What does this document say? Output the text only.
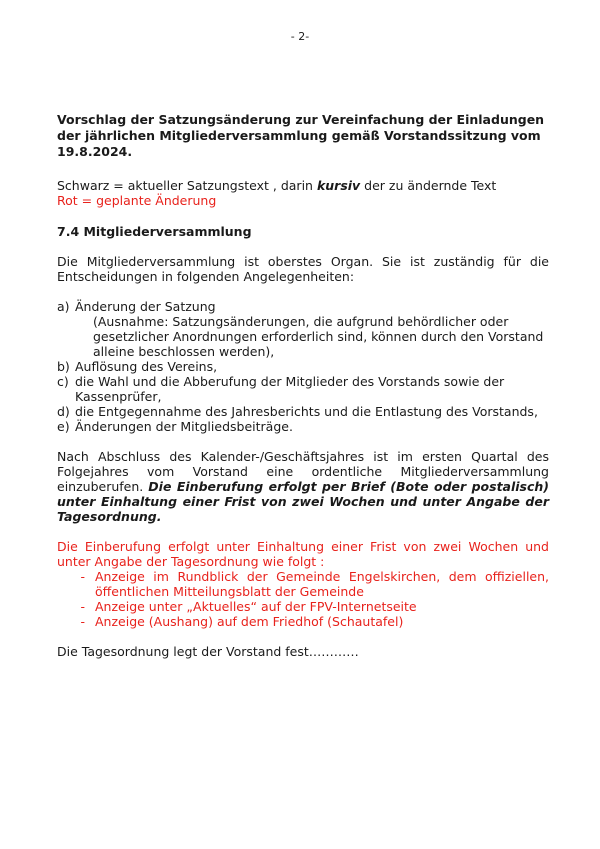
- 2-

Vorschlag der Satzungsänderung zur Vereinfachung der Einladungen der jährlichen Mitgliederversammlung gemäß Vorstandssitzung vom 19.8.2024.

Schwarz = aktueller Satzungstext , darin kursiv der zu ändernde Text
Rot = geplante Änderung
7.4 Mitgliederversammlung
Die Mitgliederversammlung ist oberstes Organ. Sie ist zuständig für die Entscheidungen in folgenden Angelegenheiten:
a) Änderung der Satzung
(Ausnahme: Satzungsänderungen, die aufgrund behördlicher oder gesetzlicher Anordnungen erforderlich sind, können durch den Vorstand alleine beschlossen werden),
b) Auflösung des Vereins,
c) die Wahl und die Abberufung der Mitglieder des Vorstands sowie der Kassenprüfer,
d) die Entgegennahme des Jahresberichts und die Entlastung des Vorstands,
e) Änderungen der Mitgliedsbeiträge.
Nach Abschluss des Kalender-/Geschäftsjahres ist im ersten Quartal des Folgejahres vom Vorstand eine ordentliche Mitgliederversammlung einzuberufen. Die Einberufung erfolgt per Brief (Bote oder postalisch) unter Einhaltung einer Frist von zwei Wochen und unter Angabe der Tagesordnung.
Die Einberufung erfolgt unter Einhaltung einer Frist von zwei Wochen und unter Angabe der Tagesordnung wie folgt :
- Anzeige im Rundblick der Gemeinde Engelskirchen, dem offiziellen, öffentlichen Mitteilungsblatt der Gemeinde
- Anzeige unter „Aktuelles“ auf der FPV-Internetseite
- Anzeige (Aushang) auf dem Friedhof (Schautafel)
Die Tagesordnung legt der Vorstand fest…………
